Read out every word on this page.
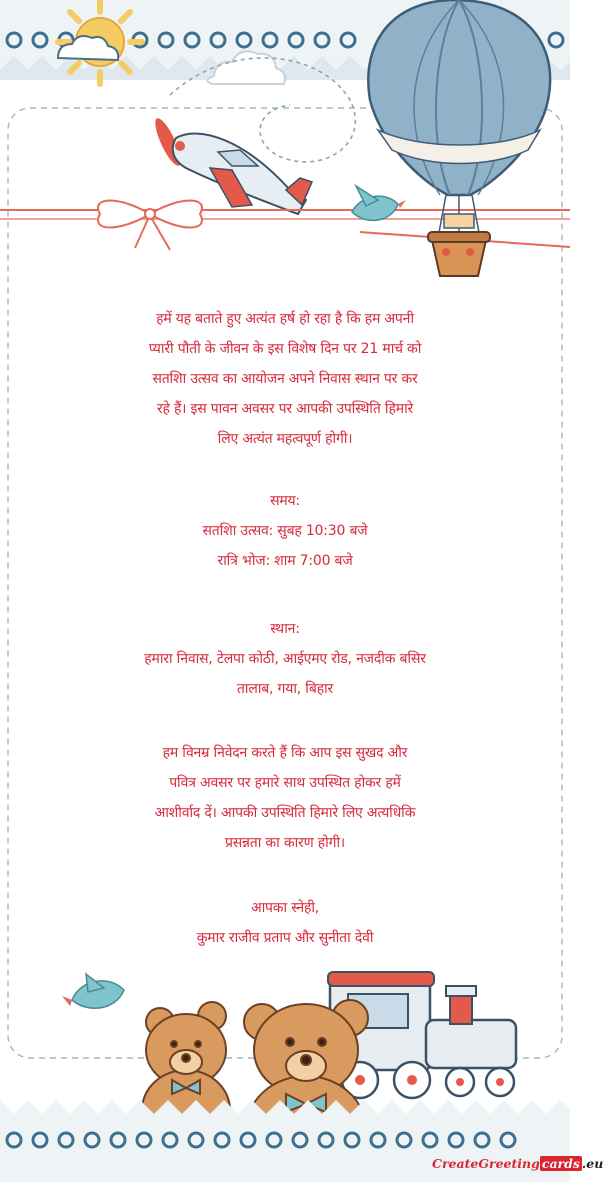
हमें यह बताते हुए अत्यंत हर्ष हो रहा है कि हम अपनी

प्यारी पौती के जीवन के इस विशेष दिन पर 21 मार्च को

सतशिा उत्सव का आयोजन अपने निवास स्थान पर कर

रहे हैं। इस पावन अवसर पर आपकी उपस्थिति हिमारे

लिए अत्यंत महत्वपूर्ण होगी।

समय:

सतशिा उत्सव: सुबह 10:30 बजे

रात्रि भोज: शाम 7:00 बजे

स्थान:

हमारा निवास, टेलपा कोठी, आईएमए रोड, नजदीक बसिर

तालाब, गया, बिहार

हम विनम्र निवेदन करते हैं कि आप इस सुखद और

पवित्र अवसर पर हमारे साथ उपस्थित होकर हमें

आशीर्वाद दें। आपकी उपस्थिति हिमारे लिए अत्यधिकि

प्रसन्नता का कारण होगी।

आपका स्नेही,

कुमार राजीव प्रताप और सुनीता देवी

CreateGreeting cards .eu
